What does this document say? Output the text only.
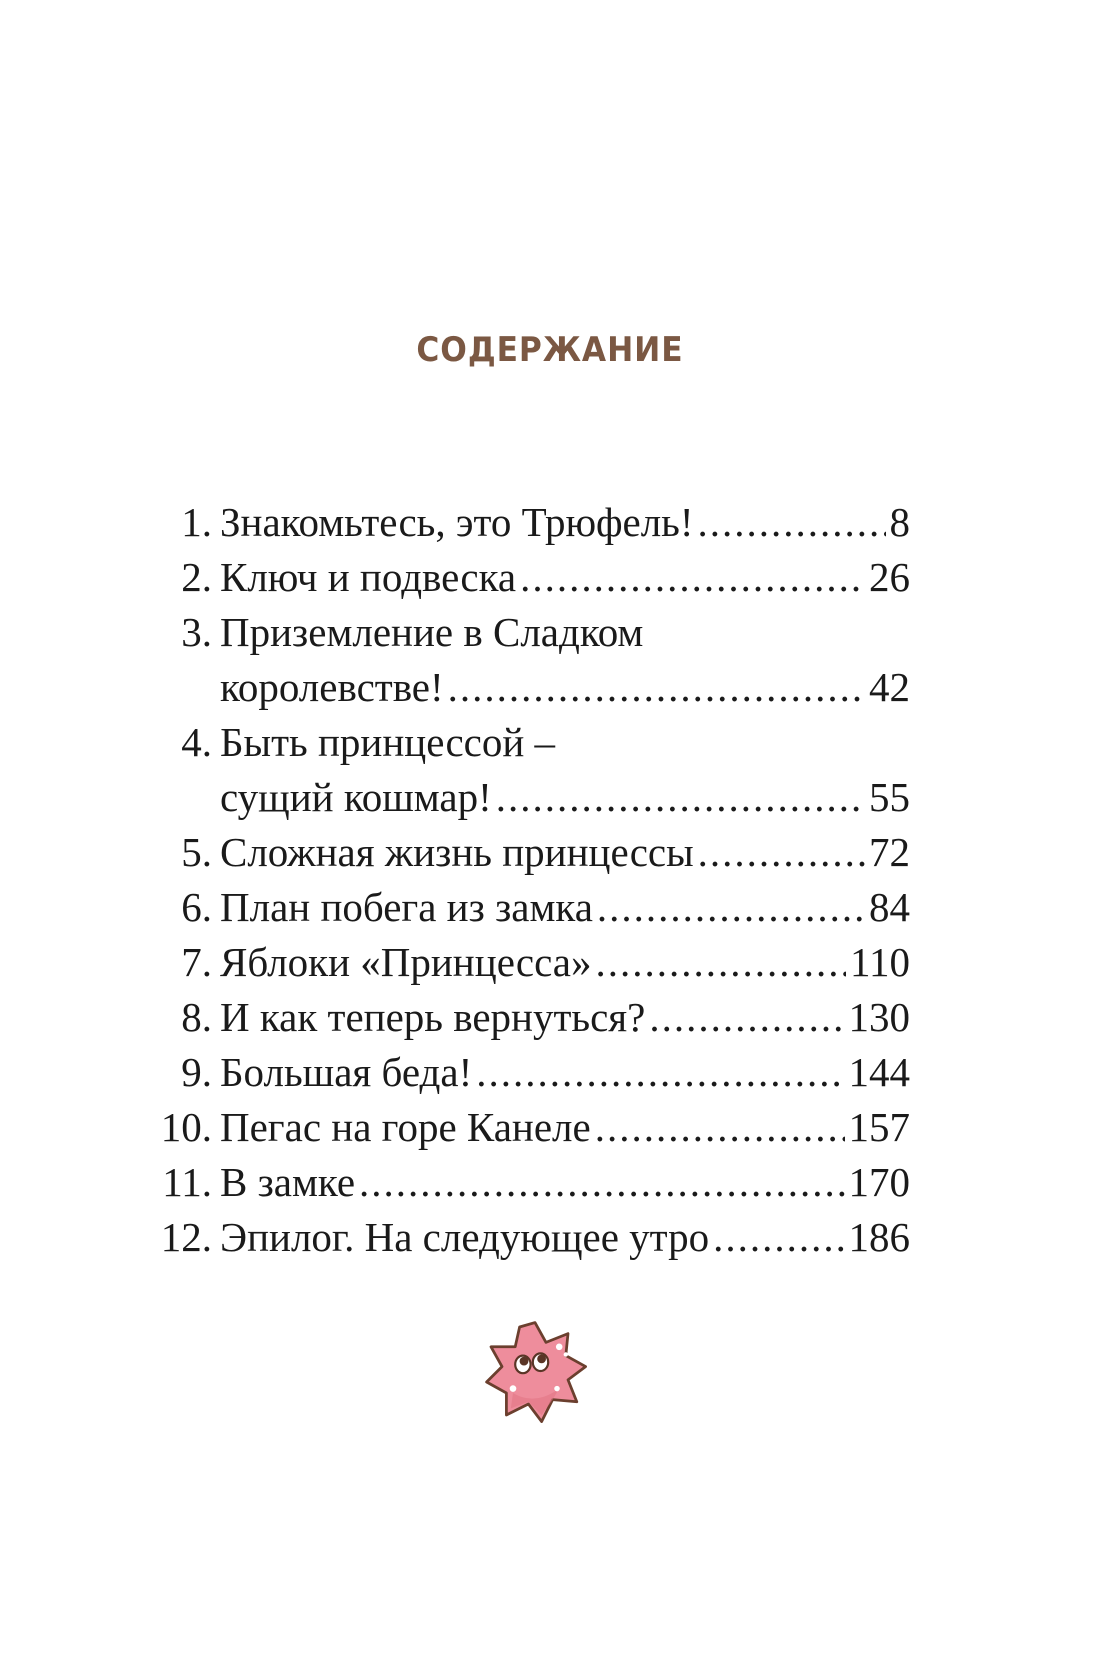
СОДЕРЖАНИЕ
1. Знакомьтесь, это Трюфель! .....	8
2. Ключ и подвеска .....	26
3. Приземление в Сладком
королевстве! .....	42
4. Быть принцессой –
сущий кошмар! .....	55
5. Сложная жизнь принцессы .....	72
6. План побега из замка .....	84
7. Яблоки «Принцесса» .....	110
8. И как теперь вернуться? .....	130
9. Большая беда! .....	144
10. Пегас на горе Канеле .....	157
11. В замке .....	170
12. Эпилог. На следующее утро .....	186
